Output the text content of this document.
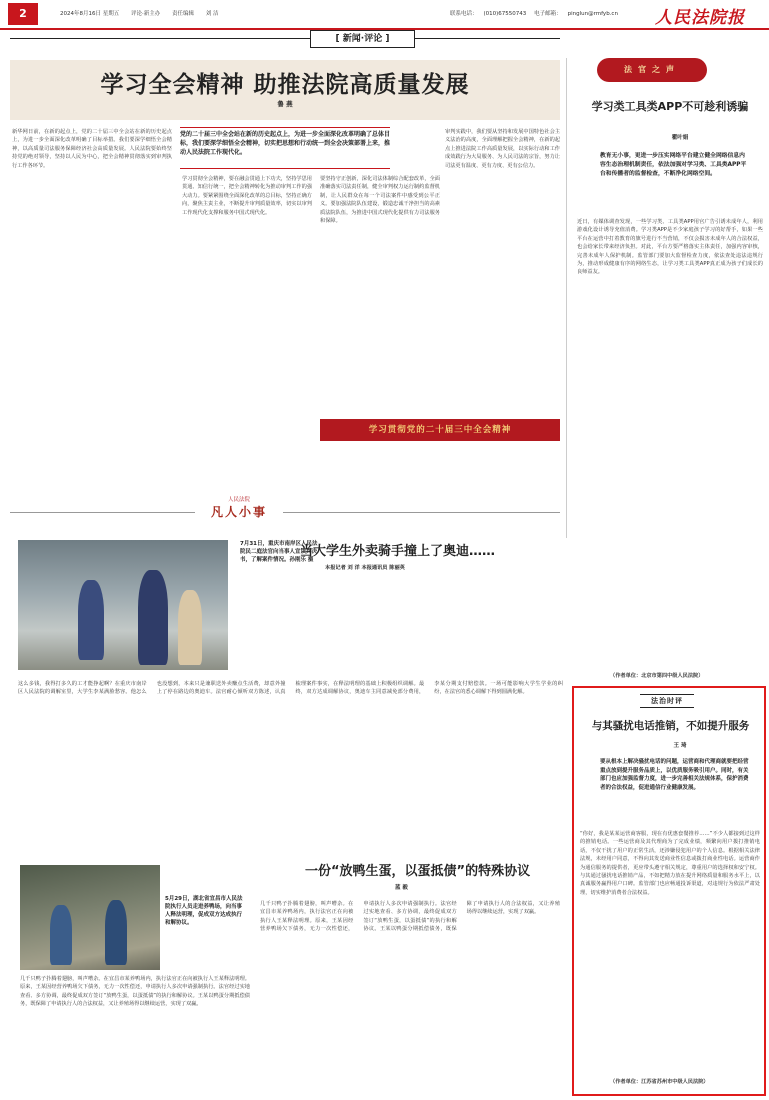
2	2024年8月16日 星期五 评论·新主办 责任编辑 刘 洁	联系电话： (010)67550743 电子邮箱： pinglun@rmfyb.cn	人民法院报
[ 新闻·评论 ]
学习全会精神 助推法院高质量发展
鲁 燕
党的二十届三中全会站在新的历史起点上，为进一步全面深化改革明确了总体目标，我们要深学细悟全会精神，切实把思想和行动统一到全会决策部署上来，推动人民法院工作现代化。
新华网日前，在新的起点上，党的二十届三中全会站在新的历史起点上，为进一步全面深化改革明确了目标举措。我们要深学细悟全会精神，以高质量司法服务保障经济社会高质量发展。人民法院要始终坚持党的绝对领导，坚持以人民为中心，把全会精神贯彻落实到审判执行工作各环节。
学习贯彻全会精神，要在融会贯通上下功夫，坚持学思用贯通、知信行统一，把全会精神转化为推动审判工作的强大动力。要紧紧围绕全面深化改革的总目标，坚持正确方向，聚焦主责主业，不断提升审判质量效率，切实以审判工作现代化支撑和服务中国式现代化。
要坚持守正创新，深化司法体制综合配套改革，全面准确落实司法责任制，健全审判权力运行制约监督机制，让人民群众在每一个司法案件中感受到公平正义。要加强法院队伍建设，锻造忠诚干净担当的高素质法院队伍，为推进中国式现代化提供有力司法服务和保障。
审判实践中，我们要从坚持和发展中国特色社会主义法治的高度，全面理解把握全会精神，在新的起点上推进法院工作高质量发展，以实际行动和工作成效践行为大局服务、为人民司法的宗旨，努力让司法更有温度、更有力度、更有公信力。
学习贯彻党的二十届三中全会精神
法官之声
学习类工具类APP不可趁利诱骗
瞿叶娟
教育无小事，更进一步压实网络平台建立健全网络信息内容生态治理机制责任，依法加强对学习类、工具类APP平台和传播者的监督检查，不断净化网络空间。
近日，有媒体调查发现，一些学习类、工具类APP用官广告引诱未成年人，利用游戏化设计诱导充值消费。学习类APP是不少家庭孩子学习的好帮手，如果一些平台在运营中打着教育的旗号进行不当营销，不仅会损害未成年人的合法权益，也会给家长带来经济负担。对此，平台方要严格落实主体责任，加强内容审核，完善未成年人保护机制。监管部门要加大监督检查力度，依法查处违法违规行为，推动形成健康有序的网络生态，让学习类工具类APP真正成为孩子们成长的良师益友。
（作者单位：北京市第四中级人民法院）
人民法院
凡人小事
7月31日，重庆市南岸区人民法院民二庭法官向当事人宣读判决书，了解案件情况。孙刚乐 摄
当大学生外卖骑手撞上了奥迪……
本报记者 刘 洋 本报通讯员 陈丽英
这么多钱，我得打多久的工才能挣起啊？在重庆市南岸区人民法院的调解室里，大学生李某满脸愁容。他怎么也没想到，本来只是兼职送外卖赚点生活费，却意外撞上了停在路边的奥迪车。法官耐心倾听双方陈述，认真梳理案件事实，在释法明理的基础上积极组织调解。最终，双方达成调解协议，奥迪车主同意减免部分费用，李某分期支付赔偿款。一场可能影响大学生学业的纠纷，在法官的悉心调解下得到圆满化解。
5月29日，湖北省宜昌市人民法院执行人员走进养鸭场，向当事人释法明理，促成双方达成执行和解协议。
一份“放鸭生蛋，以蛋抵债”的特殊协议
蓝 毅
几千只鸭子扑腾着翅膀，叫声嘈杂。在宜昌市某养鸭场内，执行法官正在向被执行人王某释法明理。原来，王某因经营养鸭场欠下债务，无力一次性偿还，申请执行人多次申请强制执行。法官经过实地查看、多方协调，最终促成双方签订“放鸭生蛋，以蛋抵债”的执行和解协议。王某以鸭蛋分期抵偿债务，既保障了申请执行人的合法权益，又让养殖场得以继续运营，实现了双赢。
几千只鸭子扑腾着翅膀，叫声嘈杂。在宜昌市某养鸭场内，执行法官正在向被执行人王某释法明理。原来，王某因经营养鸭场欠下债务，无力一次性偿还，申请执行人多次申请强制执行。法官经过实地查看、多方协调，最终促成双方签订“放鸭生蛋，以蛋抵债”的执行和解协议。王某以鸭蛋分期抵偿债务，既保障了申请执行人的合法权益，又让养殖场得以继续运营，实现了双赢。
法治时评
与其骚扰电话推销，不如提升服务
王 琦
要从根本上解决骚扰电话的问题，运营商和代理商就要把经营重点放到提升服务品质上，以优质服务吸引用户。同时，有关部门也应加强监督力度，进一步完善相关法规体系，保护消费者的合法权益，促进通信行业健康发展。
“你好，我是某某运营商客服，现在有优惠套餐推荐……”不少人都接到过这样的推销电话。一些运营商及其代理商为了完成业绩，频繁向用户拨打推销电话，不仅干扰了用户的正常生活，还涉嫌侵犯用户的个人信息。根据相关法律法规，未经用户同意，不得向其发送商业性信息或拨打商业性电话。运营商作为通信服务的提供者，更应带头遵守相关规定，尊重用户的选择权和安宁权。与其通过骚扰电话推销产品，不如把精力放在提升网络质量和服务水平上，以真诚服务赢得用户口碑。监管部门也应畅通投诉渠道，对违规行为依法严肃处理，切实维护消费者合法权益。
（作者单位：江苏省苏州市中级人民法院）
